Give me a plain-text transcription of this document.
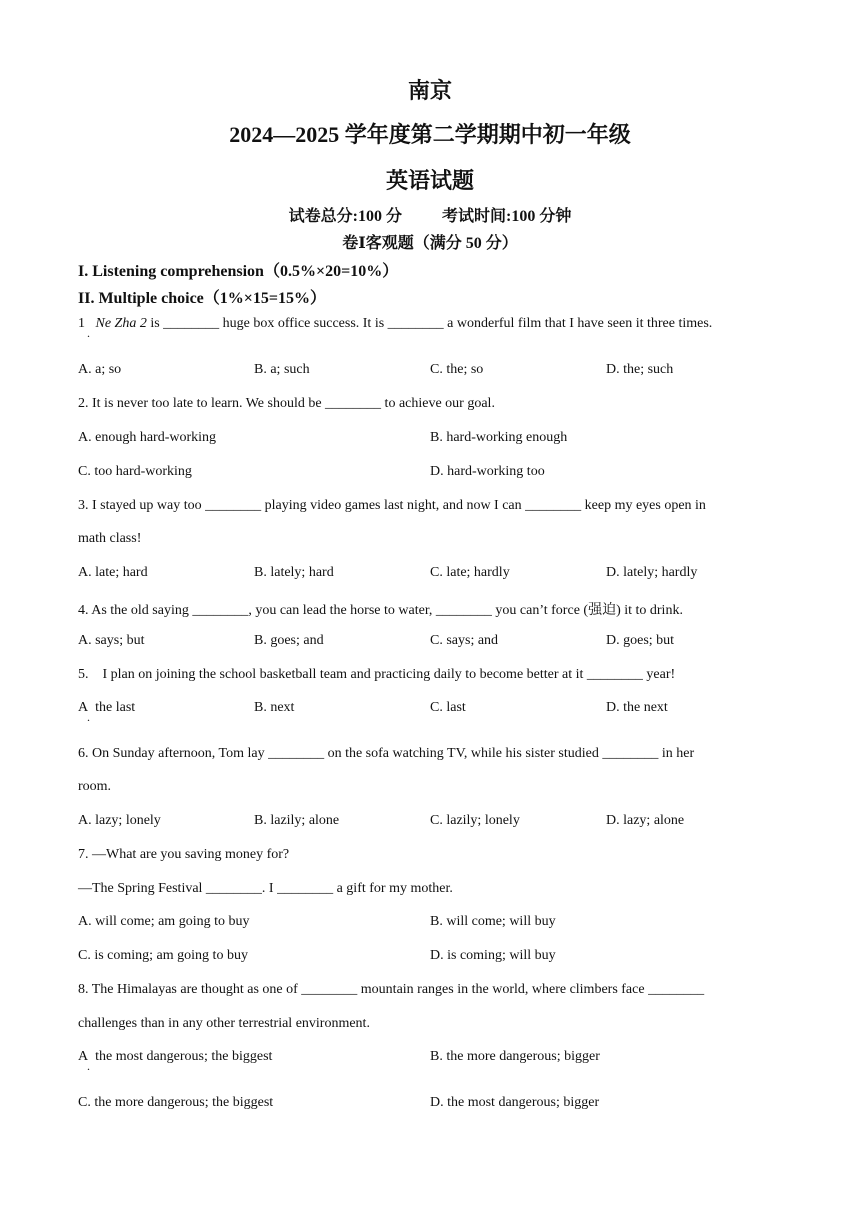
南京
2024—2025 学年度第二学期期中初一年级
英语试题
试卷总分:100 分	考试时间:100 分钟
卷Ⅰ客观题（满分 50 分）
I. Listening comprehension（0.5%×20=10%）
II. Multiple choice（1%×15=15%）
1
.
Ne Zha 2 is ________ huge box office success. It is ________ a wonderful film that I have seen it three times.
A. a; so	B. a; such	C. the; so	D. the; such
2. It is never too late to learn. We should be ________ to achieve our goal.
A. enough hard-working	B. hard-working enough
C. too hard-working	D. hard-working too
3. I stayed up way too ________ playing video games last night, and now I can ________ keep my eyes open in
math class!
A. late; hard	B. lately; hard	C. late; hardly	D. lately; hardly
4. As the old saying ________, you can lead the horse to water, ________ you can’t force (强迫) it to drink.
A. says; but	B. goes; and	C. says; and	D. goes; but
5.    I plan on joining the school basketball team and practicing daily to become better at it ________ year!
A
.
the last	B. next	C. last	D. the next
6. On Sunday afternoon, Tom lay ________ on the sofa watching TV, while his sister studied ________ in her
room.
A. lazy; lonely	B. lazily; alone	C. lazily; lonely	D. lazy; alone
7. —What are you saving money for?
—The Spring Festival ________. I ________ a gift for my mother.
A. will come; am going to buy	B. will come; will buy
C. is coming; am going to buy	D. is coming; will buy
8. The Himalayas are thought as one of ________ mountain ranges in the world, where climbers face ________
challenges than in any other terrestrial environment.
A
.
the most dangerous; the biggest	B. the more dangerous; bigger
C. the more dangerous; the biggest	D. the most dangerous; bigger
